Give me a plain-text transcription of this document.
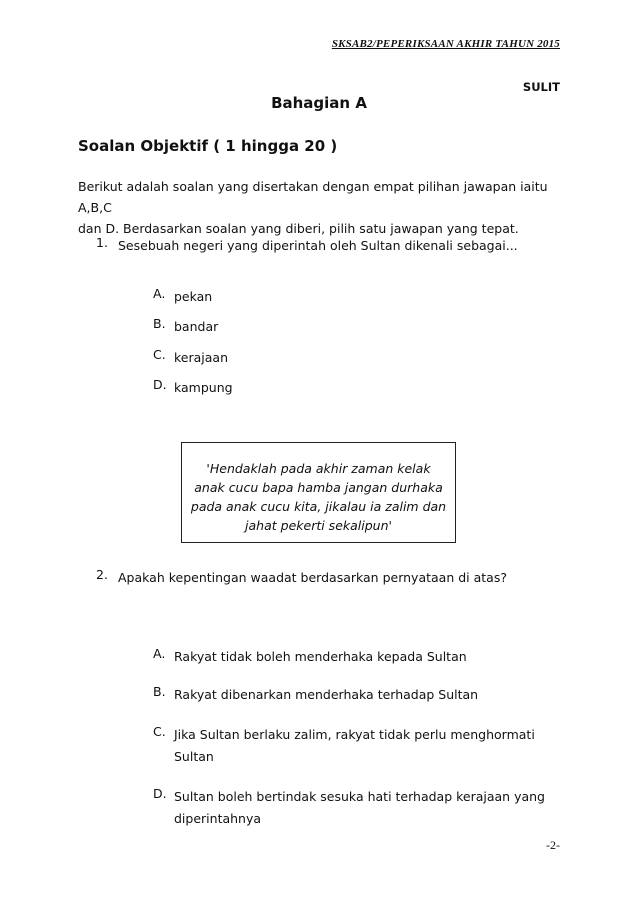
SKSAB2/PEPERIKSAAN AKHIR TAHUN 2015
SULIT
Bahagian A
Soalan Objektif ( 1 hingga 20 )
Berikut adalah soalan yang disertakan dengan empat pilihan jawapan iaitu A,B,C
dan D. Berdasarkan soalan yang diberi, pilih satu jawapan yang tepat.
1. Sesebuah negeri yang diperintah oleh Sultan dikenali sebagai...
A. pekan
B. bandar
C. kerajaan
D. kampung
'Hendaklah pada akhir zaman kelak
anak cucu bapa hamba jangan durhaka
pada anak cucu kita, jikalau ia zalim dan
jahat pekerti sekalipun'
2. Apakah kepentingan waadat berdasarkan pernyataan di atas?
A. Rakyat tidak boleh menderhaka kepada Sultan
B. Rakyat dibenarkan menderhaka terhadap Sultan
C. Jika Sultan berlaku zalim, rakyat tidak perlu menghormati
Sultan
D. Sultan boleh bertindak sesuka hati terhadap kerajaan yang
diperintahnya
-2-
